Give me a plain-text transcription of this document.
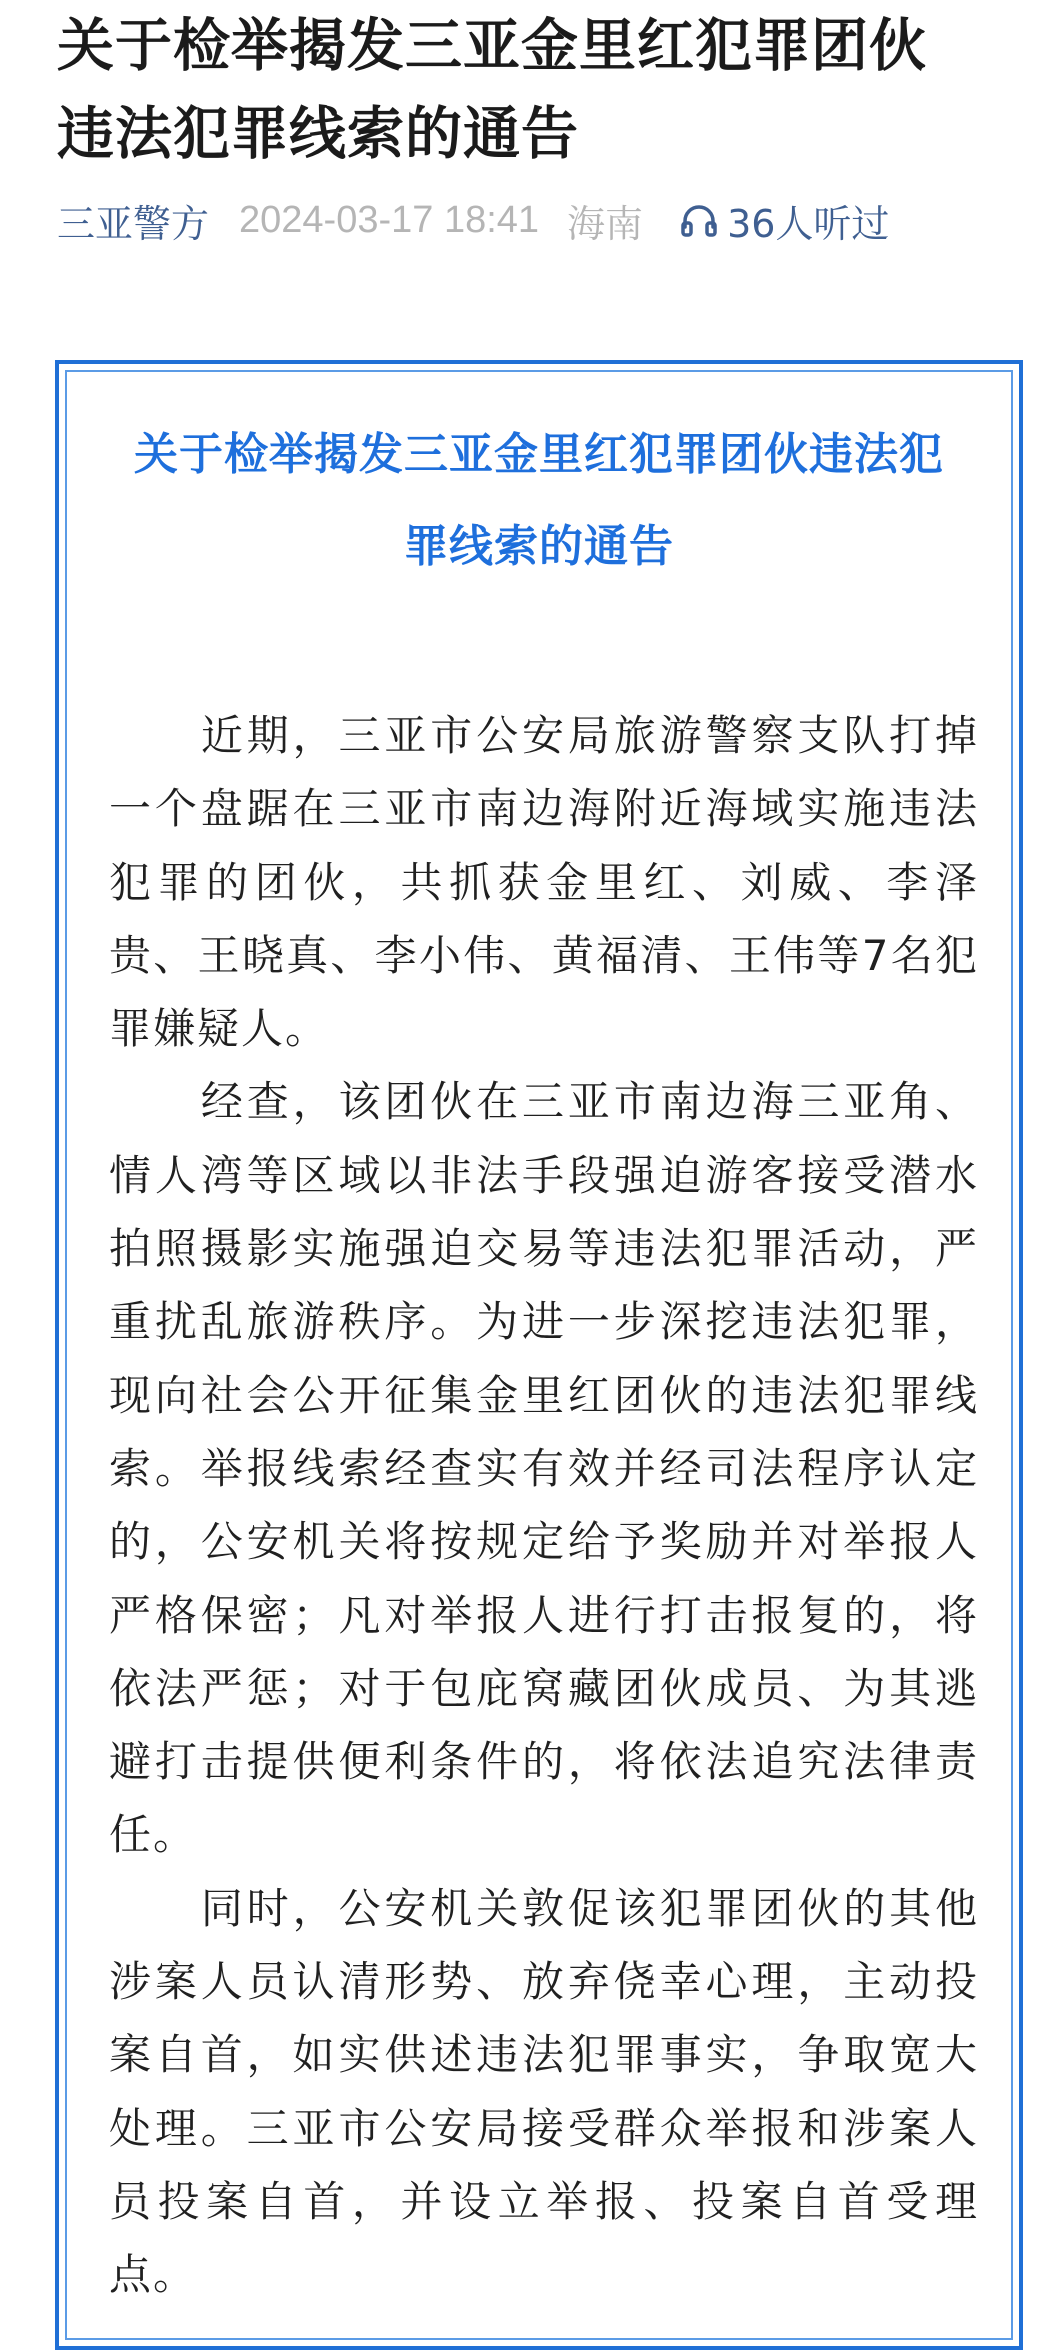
关于检举揭发三亚金里红犯罪团伙
违法犯罪线索的通告
三亚警方 2024-03-17 18:41 海南 36人听过
关于检举揭发三亚金里红犯罪团伙违法犯
罪线索的通告

近期，三亚市公安局旅游警察支队打掉一个盘踞在三亚市南边海附近海域实施违法犯罪的团伙，共抓获金里红、刘威、李泽贵、王晓真、李小伟、黄福清、王伟等7名犯罪嫌疑人。

经查，该团伙在三亚市南边海三亚角、情人湾等区域以非法手段强迫游客接受潜水拍照摄影实施强迫交易等违法犯罪活动，严重扰乱旅游秩序。为进一步深挖违法犯罪，现向社会公开征集金里红团伙的违法犯罪线索。举报线索经查实有效并经司法程序认定的，公安机关将按规定给予奖励并对举报人严格保密；凡对举报人进行打击报复的，将依法严惩；对于包庇窝藏团伙成员、为其逃避打击提供便利条件的，将依法追究法律责任。

同时，公安机关敦促该犯罪团伙的其他涉案人员认清形势、放弃侥幸心理，主动投案自首，如实供述违法犯罪事实，争取宽大处理。三亚市公安局接受群众举报和涉案人员投案自首，并设立举报、投案自首受理点。
